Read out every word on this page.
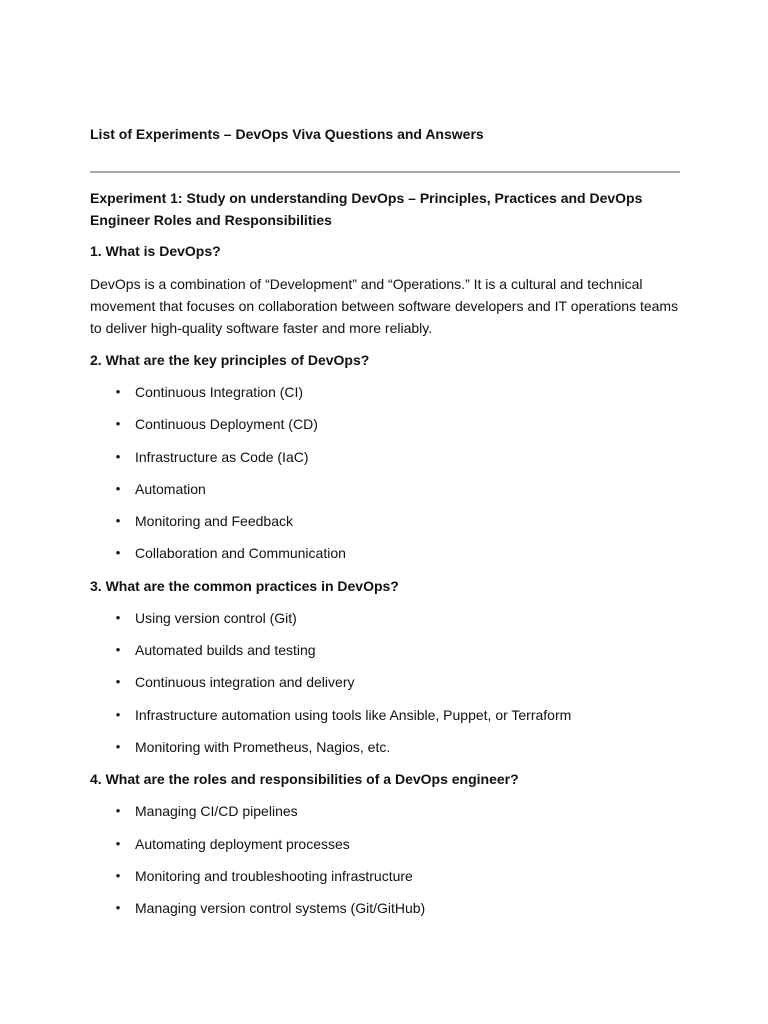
List of Experiments – DevOps Viva Questions and Answers

Experiment 1: Study on understanding DevOps – Principles, Practices and DevOps Engineer Roles and Responsibilities

1. What is DevOps?

DevOps is a combination of “Development” and “Operations.” It is a cultural and technical movement that focuses on collaboration between software developers and IT operations teams to deliver high-quality software faster and more reliably.

2. What are the key principles of DevOps?

• Continuous Integration (CI)
• Continuous Deployment (CD)
• Infrastructure as Code (IaC)
• Automation
• Monitoring and Feedback
• Collaboration and Communication

3. What are the common practices in DevOps?

• Using version control (Git)
• Automated builds and testing
• Continuous integration and delivery
• Infrastructure automation using tools like Ansible, Puppet, or Terraform
• Monitoring with Prometheus, Nagios, etc.

4. What are the roles and responsibilities of a DevOps engineer?

• Managing CI/CD pipelines
• Automating deployment processes
• Monitoring and troubleshooting infrastructure
• Managing version control systems (Git/GitHub)
